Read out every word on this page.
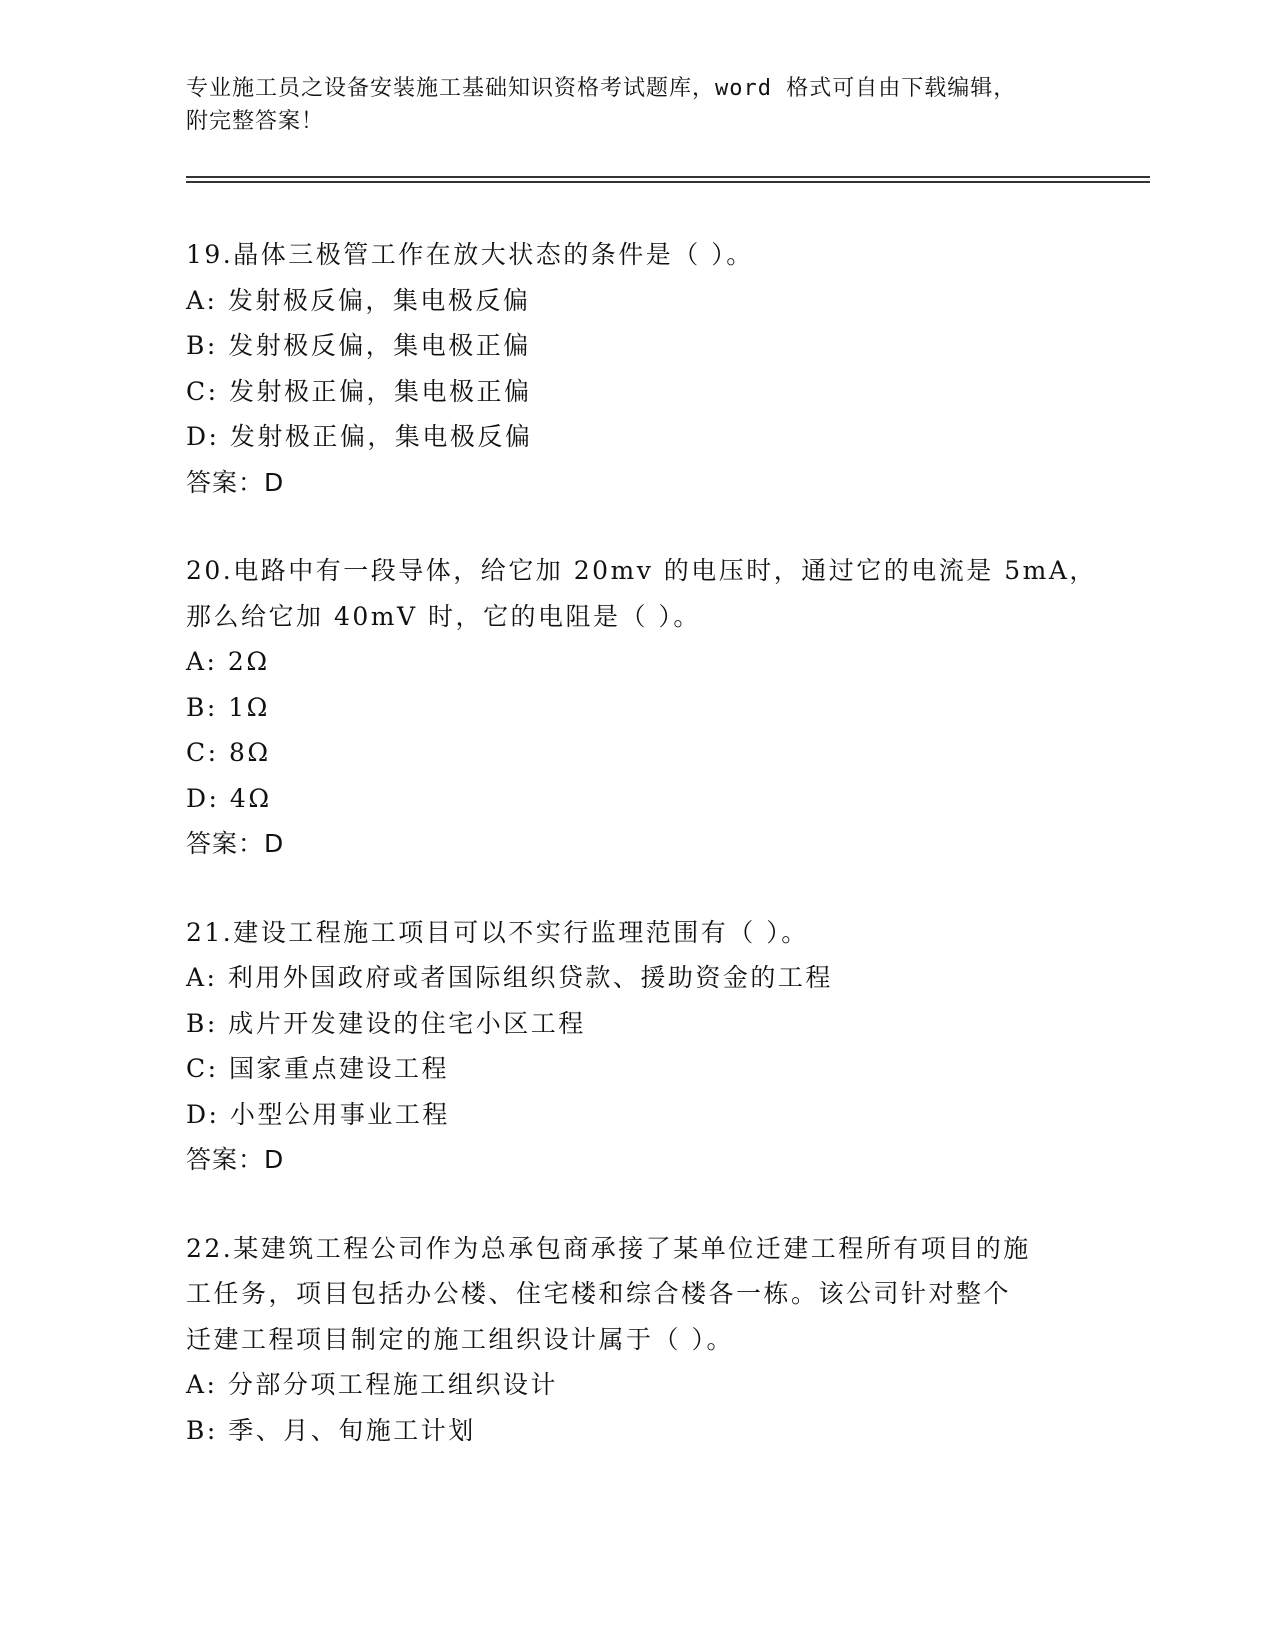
专业施工员之设备安装施工基础知识资格考试题库，word 格式可自由下载编辑，
附完整答案！
19.晶体三极管工作在放大状态的条件是（ ）。
A: 发射极反偏，集电极反偏
B: 发射极反偏，集电极正偏
C: 发射极正偏，集电极正偏
D: 发射极正偏，集电极反偏
答案：D
20.电路中有一段导体，给它加 20mv 的电压时，通过它的电流是 5mA，
那么给它加 40mV 时，它的电阻是（ ）。
A: 2Ω
B: 1Ω
C: 8Ω
D: 4Ω
答案：D
21.建设工程施工项目可以不实行监理范围有（ ）。
A: 利用外国政府或者国际组织贷款、援助资金的工程
B: 成片开发建设的住宅小区工程
C: 国家重点建设工程
D: 小型公用事业工程
答案：D
22.某建筑工程公司作为总承包商承接了某单位迁建工程所有项目的施
工任务，项目包括办公楼、住宅楼和综合楼各一栋。该公司针对整个
迁建工程项目制定的施工组织设计属于（ ）。
A: 分部分项工程施工组织设计
B: 季、月、旬施工计划
